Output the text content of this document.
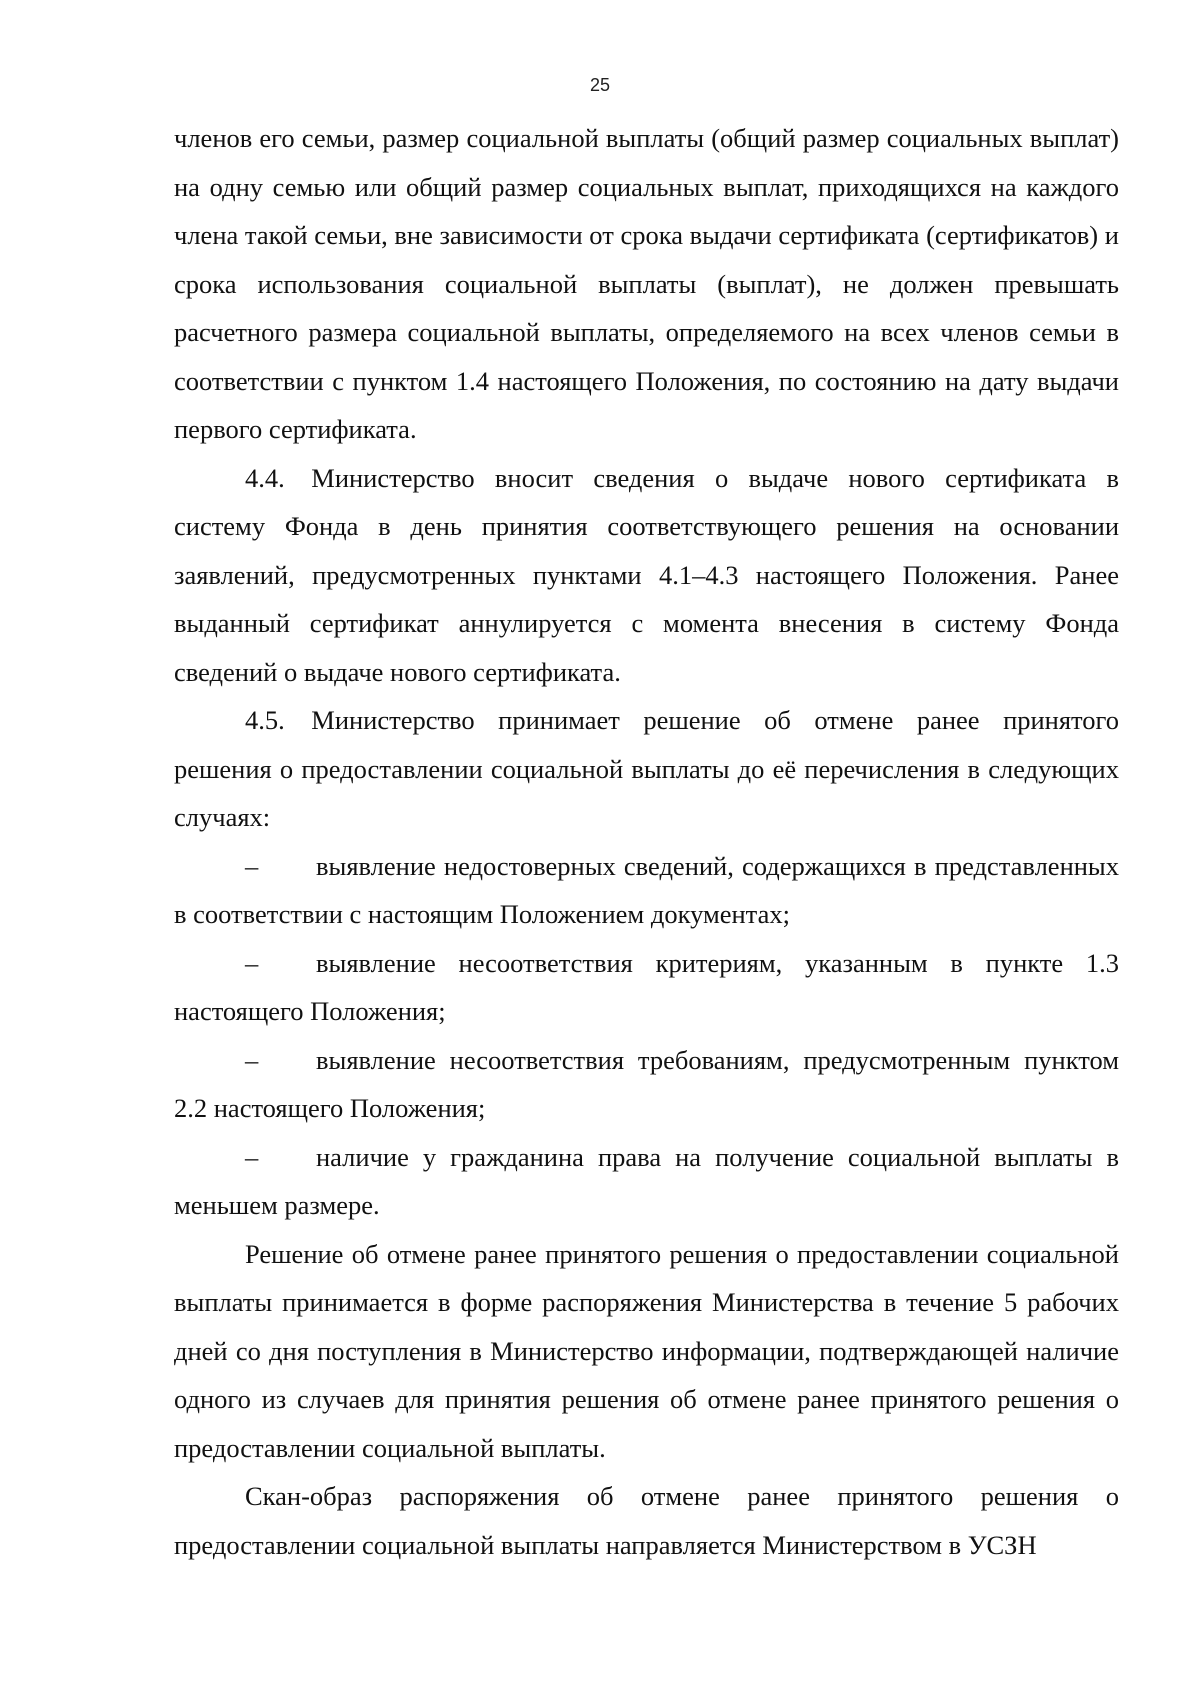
25

членов его семьи, размер социальной выплаты (общий размер социальных выплат) на одну семью или общий размер социальных выплат, приходящихся на каждого члена такой семьи, вне зависимости от срока выдачи сертификата (сертификатов) и срока использования социальной выплаты (выплат), не должен превышать расчетного размера социальной выплаты, определяемого на всех членов семьи в соответствии с пунктом 1.4 настоящего Положения, по состоянию на дату выдачи первого сертификата.

4.4. Министерство вносит сведения о выдаче нового сертификата в систему Фонда в день принятия соответствующего решения на основании заявлений, предусмотренных пунктами 4.1–4.3 настоящего Положения. Ранее выданный сертификат аннулируется с момента внесения в систему Фонда сведений о выдаче нового сертификата.

4.5. Министерство принимает решение об отмене ранее принятого решения о предоставлении социальной выплаты до её перечисления в следующих случаях:

– выявление недостоверных сведений, содержащихся в представленных в соответствии с настоящим Положением документах;

– выявление несоответствия критериям, указанным в пункте 1.3 настоящего Положения;

– выявление несоответствия требованиям, предусмотренным пунктом 2.2 настоящего Положения;

– наличие у гражданина права на получение социальной выплаты в меньшем размере.

Решение об отмене ранее принятого решения о предоставлении социальной выплаты принимается в форме распоряжения Министерства в течение 5 рабочих дней со дня поступления в Министерство информации, подтверждающей наличие одного из случаев для принятия решения об отмене ранее принятого решения о предоставлении социальной выплаты.

Скан-образ распоряжения об отмене ранее принятого решения о предоставлении социальной выплаты направляется Министерством в УСЗН
